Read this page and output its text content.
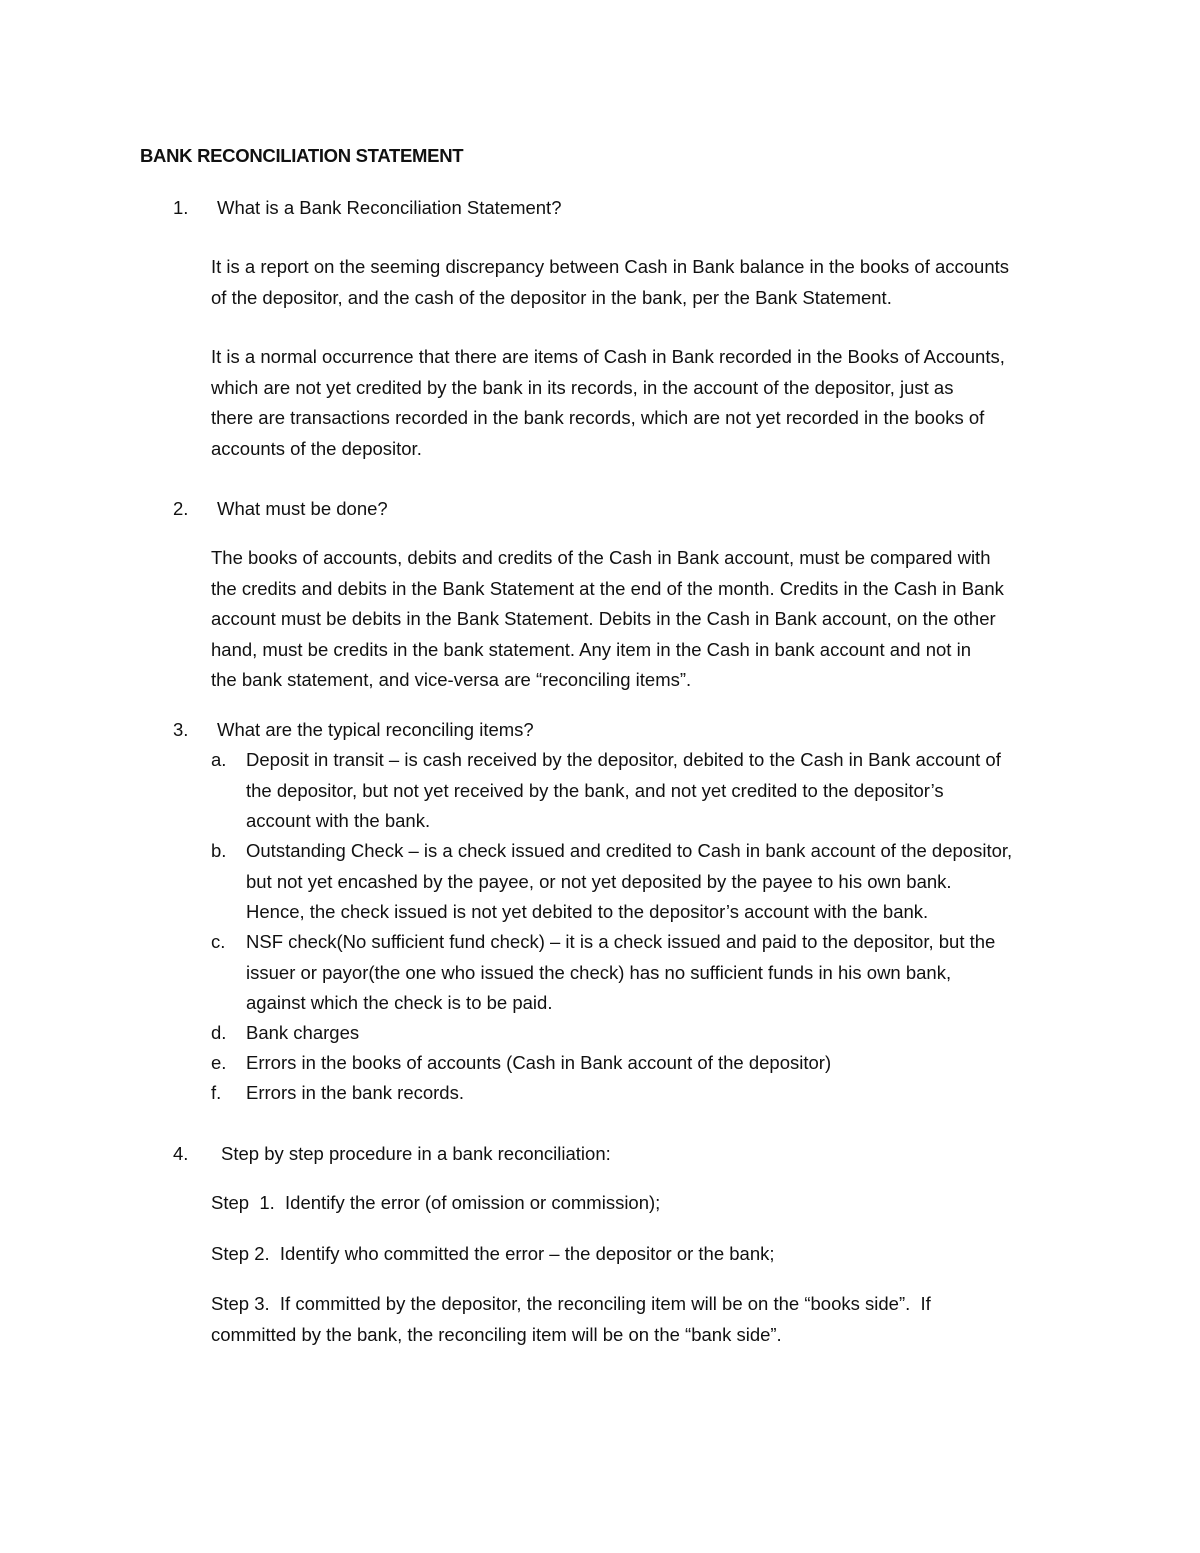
BANK RECONCILIATION STATEMENT
1. What is a Bank Reconciliation Statement?

It is a report on the seeming discrepancy between Cash in Bank balance in the books of accounts

of the depositor, and the cash of the depositor in the bank, per the Bank Statement.

It is a normal occurrence that there are items of Cash in Bank recorded in the Books of Accounts,

which are not yet credited by the bank in its records, in the account of the depositor, just as

there are transactions recorded in the bank records, which are not yet recorded in the books of

accounts of the depositor.

2. What must be done?

The books of accounts, debits and credits of the Cash in Bank account, must be compared with

the credits and debits in the Bank Statement at the end of the month. Credits in the Cash in Bank

account must be debits in the Bank Statement. Debits in the Cash in Bank account, on the other

hand, must be credits in the bank statement. Any item in the Cash in bank account and not in

the bank statement, and vice-versa are “reconciling items”.

3. What are the typical reconciling items?
a. Deposit in transit – is cash received by the depositor, debited to the Cash in Bank account of
the depositor, but not yet received by the bank, and not yet credited to the depositor’s
account with the bank.
b. Outstanding Check – is a check issued and credited to Cash in bank account of the depositor,
but not yet encashed by the payee, or not yet deposited by the payee to his own bank.
Hence, the check issued is not yet debited to the depositor’s account with the bank.
c. NSF check(No sufficient fund check) – it is a check issued and paid to the depositor, but the
issuer or payor(the one who issued the check) has no sufficient funds in his own bank,
against which the check is to be paid.
d. Bank charges
e. Errors in the books of accounts (Cash in Bank account of the depositor)
f. Errors in the bank records.
4. Step by step procedure in a bank reconciliation:
Step  1.  Identify the error (of omission or commission);
Step 2.  Identify who committed the error – the depositor or the bank;
Step 3.  If committed by the depositor, the reconciling item will be on the “books side”.  If
committed by the bank, the reconciling item will be on the “bank side”.
